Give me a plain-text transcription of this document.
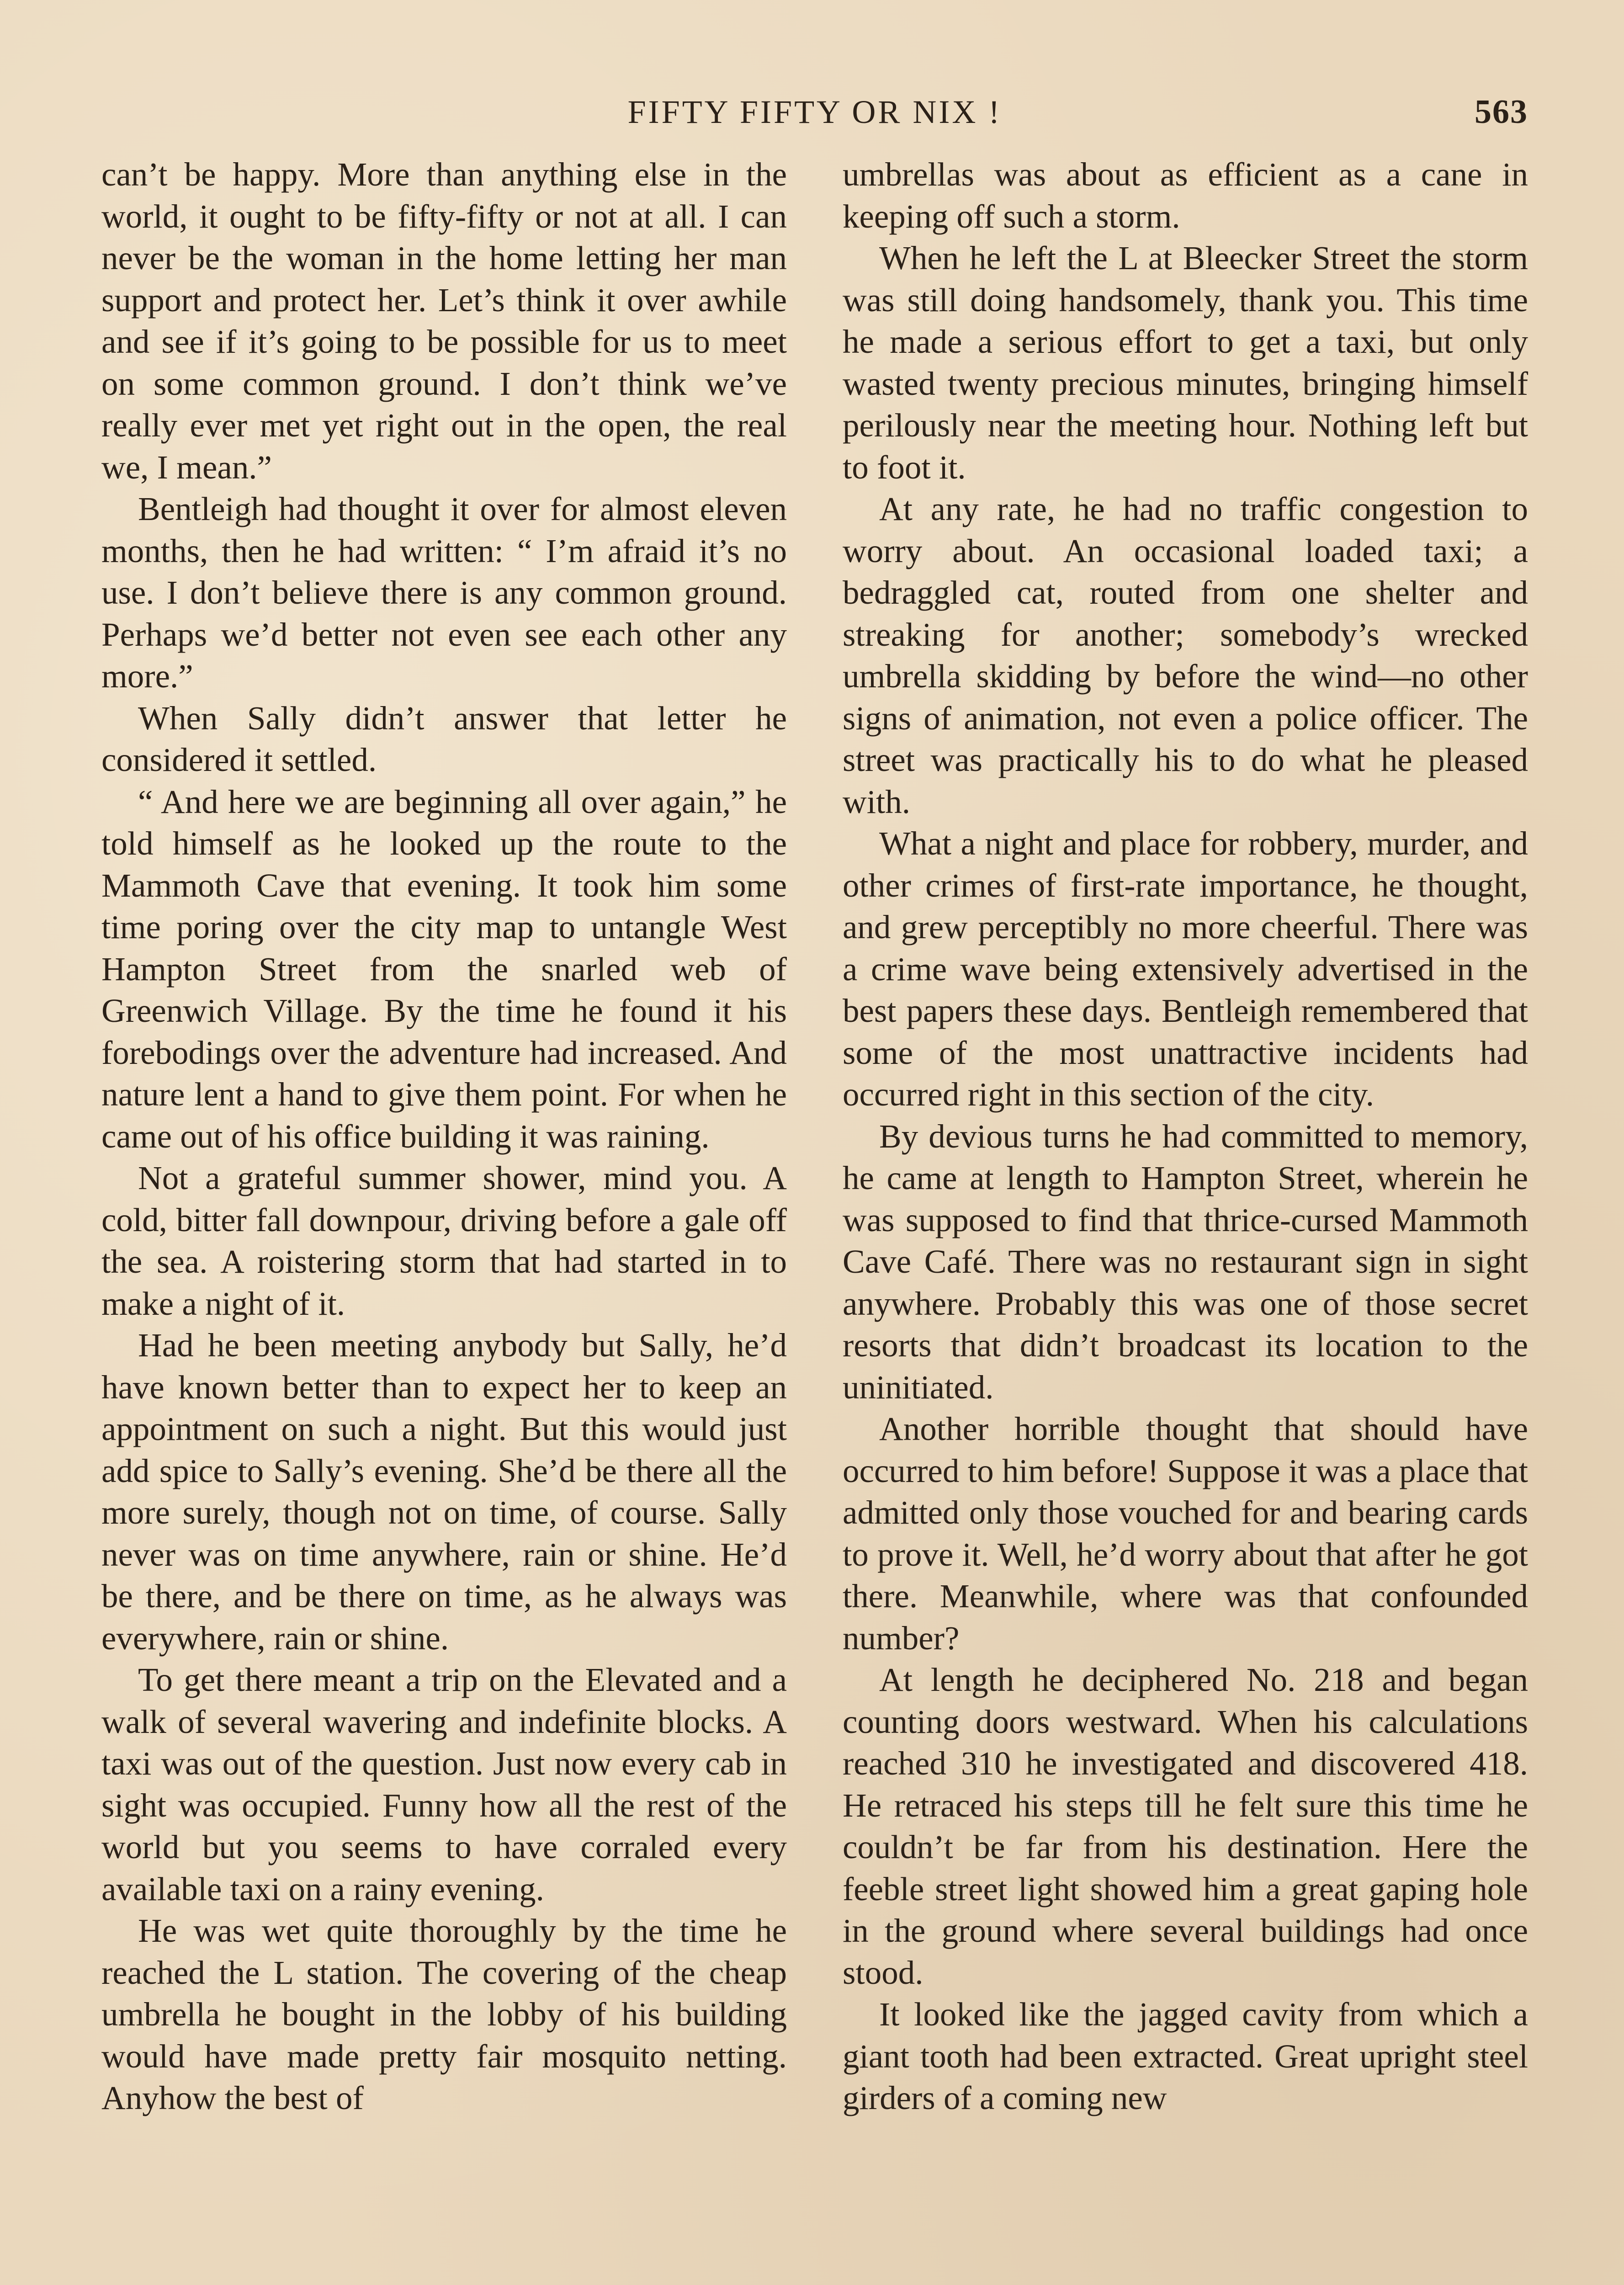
FIFTY FIFTY OR NIX !	563

can’t be happy. More than anything else in the world, it ought to be fifty-fifty or not at all. I can never be the woman in the home letting her man support and protect her. Let’s think it over awhile and see if it’s going to be possible for us to meet on some common ground. I don’t think we’ve really ever met yet right out in the open, the real we, I mean.”

Bentleigh had thought it over for almost eleven months, then he had written: “ I’m afraid it’s no use. I don’t believe there is any common ground. Perhaps we’d better not even see each other any more.”

When Sally didn’t answer that letter he considered it settled.

“ And here we are beginning all over again,” he told himself as he looked up the route to the Mammoth Cave that evening. It took him some time poring over the city map to untangle West Hampton Street from the snarled web of Greenwich Village. By the time he found it his forebodings over the adventure had increased. And nature lent a hand to give them point. For when he came out of his office building it was raining.

Not a grateful summer shower, mind you. A cold, bitter fall downpour, driving before a gale off the sea. A roistering storm that had started in to make a night of it.

Had he been meeting anybody but Sally, he’d have known better than to expect her to keep an appointment on such a night. But this would just add spice to Sally’s evening. She’d be there all the more surely, though not on time, of course. Sally never was on time anywhere, rain or shine. He’d be there, and be there on time, as he always was everywhere, rain or shine.

To get there meant a trip on the Elevated and a walk of several wavering and indefinite blocks. A taxi was out of the question. Just now every cab in sight was occupied. Funny how all the rest of the world but you seems to have corraled every available taxi on a rainy evening.

He was wet quite thoroughly by the time he reached the L station. The covering of the cheap umbrella he bought in the lobby of his building would have made pretty fair mosquito netting. Anyhow the best of

umbrellas was about as efficient as a cane in keeping off such a storm.

When he left the L at Bleecker Street the storm was still doing handsomely, thank you. This time he made a serious effort to get a taxi, but only wasted twenty precious minutes, bringing himself perilously near the meeting hour. Nothing left but to foot it.

At any rate, he had no traffic congestion to worry about. An occasional loaded taxi; a bedraggled cat, routed from one shelter and streaking for another; somebody’s wrecked umbrella skidding by before the wind—no other signs of animation, not even a police officer. The street was practically his to do what he pleased with.

What a night and place for robbery, murder, and other crimes of first-rate importance, he thought, and grew perceptibly no more cheerful. There was a crime wave being extensively advertised in the best papers these days. Bentleigh remembered that some of the most unattractive incidents had occurred right in this section of the city.

By devious turns he had committed to memory, he came at length to Hampton Street, wherein he was supposed to find that thrice-cursed Mammoth Cave Café. There was no restaurant sign in sight anywhere. Probably this was one of those secret resorts that didn’t broadcast its location to the uninitiated.

Another horrible thought that should have occurred to him before! Suppose it was a place that admitted only those vouched for and bearing cards to prove it. Well, he’d worry about that after he got there. Meanwhile, where was that confounded number?

At length he deciphered No. 218 and began counting doors westward. When his calculations reached 310 he investigated and discovered 418. He retraced his steps till he felt sure this time he couldn’t be far from his destination. Here the feeble street light showed him a great gaping hole in the ground where several buildings had once stood.

It looked like the jagged cavity from which a giant tooth had been extracted. Great upright steel girders of a coming new
